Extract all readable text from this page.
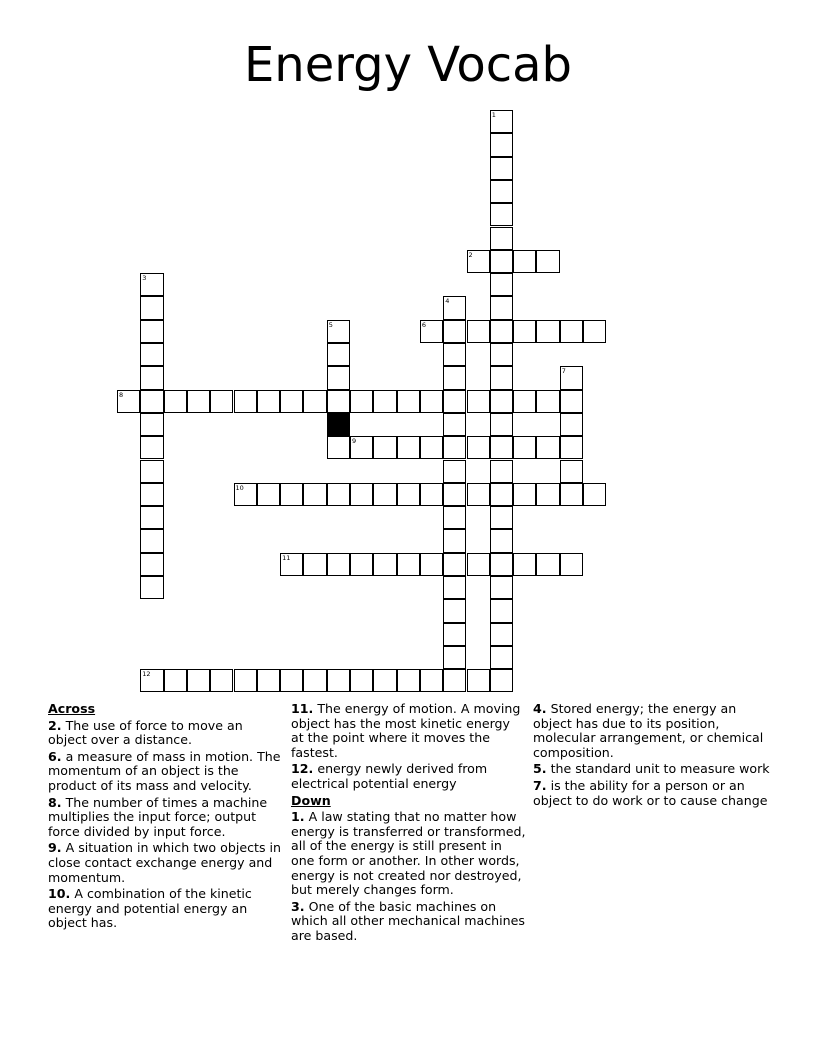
Energy Vocab
1
2
3
4
5	6
7
8
9
10
11
12
Across
2. The use of force to move an object over a distance.
6. a measure of mass in motion. The momentum of an object is the product of its mass and velocity.
8. The number of times a machine multiplies the input force; output force divided by input force.
9. A situation in which two objects in close contact exchange energy and momentum.
10. A combination of the kinetic energy and potential energy an object has.
11. The energy of motion. A moving object has the most kinetic energy at the point where it moves the fastest.
12. energy newly derived from electrical potential energy
Down
1. A law stating that no matter how energy is transferred or transformed, all of the energy is still present in one form or another. In other words, energy is not created nor destroyed, but merely changes form.
3. One of the basic machines on which all other mechanical machines are based.
4. Stored energy; the energy an object has due to its position, molecular arrangement, or chemical composition.
5. the standard unit to measure work
7. is the ability for a person or an object to do work or to cause change
